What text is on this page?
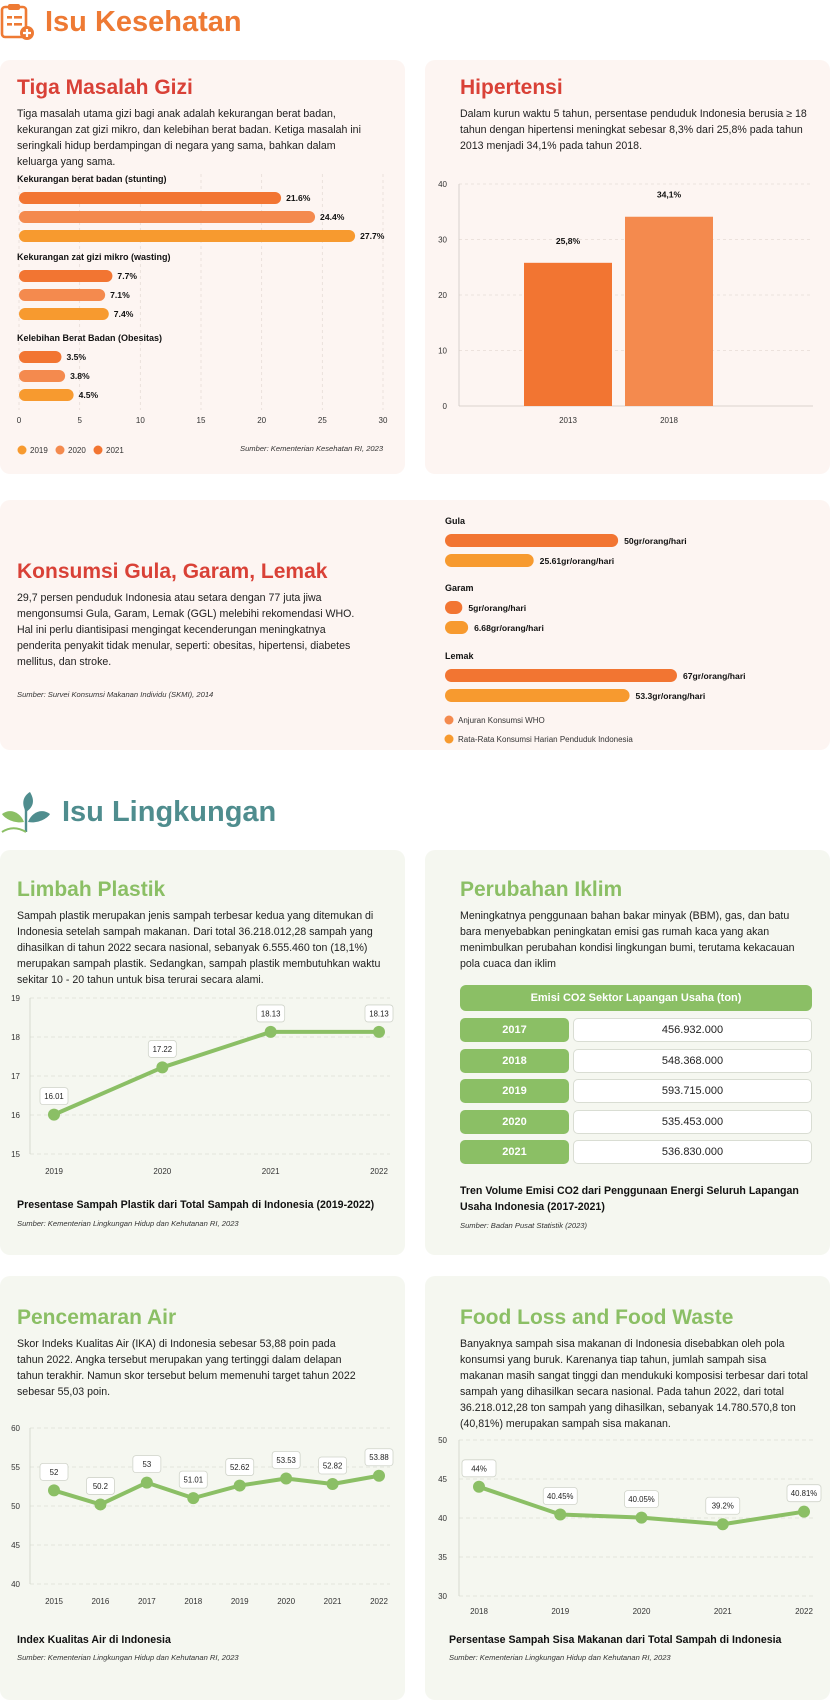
Isu Kesehatan
Tiga Masalah Gizi
Tiga masalah utama gizi bagi anak adalah kekurangan berat badan, kekurangan zat gizi mikro, dan kelebihan berat badan. Ketiga masalah ini seringkali hidup berdampingan di negara yang sama, bahkan dalam keluarga yang sama.
0	5	10	15	20	25	30
Kekurangan berat badan (stunting)
21.6%
24.4%
27.7%
Kekurangan zat gizi mikro (wasting)
7.7%
7.1%
7.4%
Kelebihan Berat Badan (Obesitas)
3.5%
3.8%
4.5%
2019	2020	2021	Sumber: Kementerian Kesehatan RI, 2023
Hipertensi
Dalam kurun waktu 5 tahun, persentase penduduk Indonesia berusia ≥ 18 tahun dengan hipertensi meningkat sebesar 8,3% dari 25,8% pada tahun 2013 menjadi 34,1% pada tahun 2018.
0
10
20
30
40
25,8%
2013
34,1%
2018
Konsumsi Gula, Garam, Lemak
29,7 persen penduduk Indonesia atau setara dengan 77 juta jiwa mengonsumsi Gula, Garam, Lemak (GGL) melebihi rekomendasi WHO. Hal ini perlu diantisipasi mengingat kecenderungan meningkatnya penderita penyakit tidak menular, seperti: obesitas, hipertensi, diabetes mellitus, dan stroke.
Sumber: Survei Konsumsi Makanan Individu (SKMI), 2014
Gula
50gr/orang/hari
25.61gr/orang/hari
Garam
5gr/orang/hari
6.68gr/orang/hari
Lemak
67gr/orang/hari
53.3gr/orang/hari
Anjuran Konsumsi WHO
Rata-Rata Konsumsi Harian Penduduk Indonesia
Isu Lingkungan
Limbah Plastik
Sampah plastik merupakan jenis sampah terbesar kedua yang ditemukan di Indonesia setelah sampah makanan. Dari total 36.218.012,28 sampah yang dihasilkan di tahun 2022 secara nasional, sebanyak 6.555.460 ton (18,1%) merupakan sampah plastik. Sedangkan, sampah plastik membutuhkan waktu sekitar 10 - 20 tahun untuk bisa terurai secara alami.
15
16
17
18
19
16.01
2019
17.22
2020
18.13
2021
18.13
2022
Presentase Sampah Plastik dari Total Sampah di Indonesia (2019-2022)
Sumber: Kementerian Lingkungan Hidup dan Kehutanan RI, 2023
Perubahan Iklim
Meningkatnya penggunaan bahan bakar minyak (BBM), gas, dan batu bara menyebabkan peningkatan emisi gas rumah kaca yang akan menimbulkan perubahan kondisi lingkungan bumi, terutama kekacauan pola cuaca dan iklim
Emisi CO2 Sektor Lapangan Usaha (ton)
2017	456.932.000
2018	548.368.000
2019	593.715.000
2020	535.453.000
2021	536.830.000
Tren Volume Emisi CO2 dari Penggunaan Energi Seluruh Lapangan Usaha Indonesia (2017-2021)
Sumber: Badan Pusat Statistik (2023)
Pencemaran Air
Skor Indeks Kualitas Air (IKA) di Indonesia sebesar 53,88 poin pada tahun 2022. Angka tersebut merupakan yang tertinggi dalam delapan tahun terakhir. Namun skor tersebut belum memenuhi target tahun 2022 sebesar 55,03 poin.
40
45
50
55
60
52
2015
50.2
2016
53
2017
51.01
2018
52.62
2019
53.53
2020
52.82
2021
53.88
2022
Index Kualitas Air di Indonesia
Sumber: Kementerian Lingkungan Hidup dan Kehutanan RI, 2023
Food Loss and Food Waste
Banyaknya sampah sisa makanan di Indonesia disebabkan oleh pola konsumsi yang buruk. Karenanya tiap tahun, jumlah sampah sisa makanan masih sangat tinggi dan mendukuki komposisi terbesar dari total sampah yang dihasilkan secara nasional. Pada tahun 2022, dari total 36.218.012,28 ton sampah yang dihasilkan, sebanyak 14.780.570,8 ton (40,81%) merupakan sampah sisa makanan.
30
35
40
45
50
44%
2018
40.45%
2019
40.05%
2020
39.2%
2021
40.81%
2022
Persentase Sampah Sisa Makanan dari Total Sampah di Indonesia
Sumber: Kementerian Lingkungan Hidup dan Kehutanan RI, 2023
